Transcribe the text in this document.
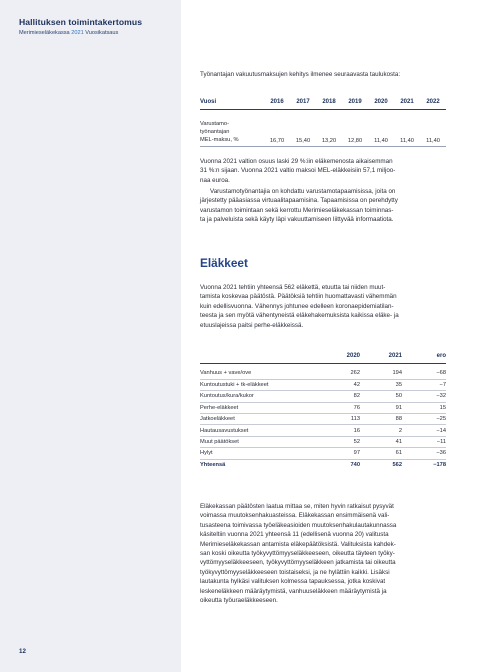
Hallituksen toimintakertomus
Merimieseläkekassa 2021 Vuosikatsaus
12
Työnantajan vakuutusmaksujen kehitys ilmenee seuraavasta taulukosta:
Vuosi	2016	2017	2018	2019	2020	2021	2022

Varustamo-
työnantajan
MEL-maksu, %	16,70	15,40	13,20	12,80	11,40	11,40	11,40
Vuonna 2021 valtion osuus laski 29 %:iin eläkemenosta aikaisemman
31 %:n sijaan. Vuonna 2021 valtio maksoi MEL-eläkkeisiin 57,1 miljoo-
naa euroa.
Varustamotyönantajia on kohdattu varustamotapaamisissa, joita on
järjestetty pääasiassa virtuaalitapaamisina. Tapaamisissa on perehdytty
varustamon toimintaan sekä kerrottu Merimieseläkekassan toiminnas-
ta ja palveluista sekä käyty läpi vakuuttamiseen liittyvää informaatiota.
Eläkkeet
Vuonna 2021 tehtiin yhteensä 562 eläkettä, etuutta tai niiden muut-
tamista koskevaa päätöstä. Päätöksiä tehtiin huomattavasti vähemmän
kuin edellisvuonna. Vähennys johtunee edelleen koronaepidemiatilan-
teesta ja sen myötä vähentyneistä eläkehakemuksista kaikissa eläke- ja
etuuslajeissa paitsi perhe-eläkkeissä.
	2020	2021	ero

Vanhuus + vave/ove	262	194	−68
Kuntoutustuki + tk-eläkkeet	42	35	−7
Kuntoutus/kura/kukor	82	50	−32
Perhe-eläkkeet	76	91	15
Jatkoeläkkeet	113	88	−25
Hautausavustukset	16	2	−14
Muut päätökset	52	41	−11
Hylyt	97	61	−36
Yhteensä	740	562	−178
Eläkekassan päätösten laatua mittaa se, miten hyvin ratkaisut pysyvät
voimassa muutoksenhakuasteissa. Eläkekassan ensimmäisenä vali-
tusasteena toimivassa työeläkeasioiden muutoksenhakulautakunnassa
käsiteltiin vuonna 2021 yhteensä 11 (edellisenä vuonna 20) valitusta
Merimieseläkekassan antamista eläkepäätöksistä. Valituksista kahdek-
san koski oikeutta työkyvyttömyyseläkkeeseen, oikeutta täyteen työky-
vyttömyyseläkkeeseen, työkyvyttömyyseläkkeen jatkamista tai oikeutta
työkyvyttömyyseläkkeeseen toistaiseksi, ja ne hylättiin kaikki. Lisäksi
lautakunta hylkäsi valituksen kolmessa tapauksessa, jotka koskivat
leskeneläkkeen määräytymistä, vanhuuseläkkeen määräytymistä ja
oikeutta työuraeläkkeeseen.
